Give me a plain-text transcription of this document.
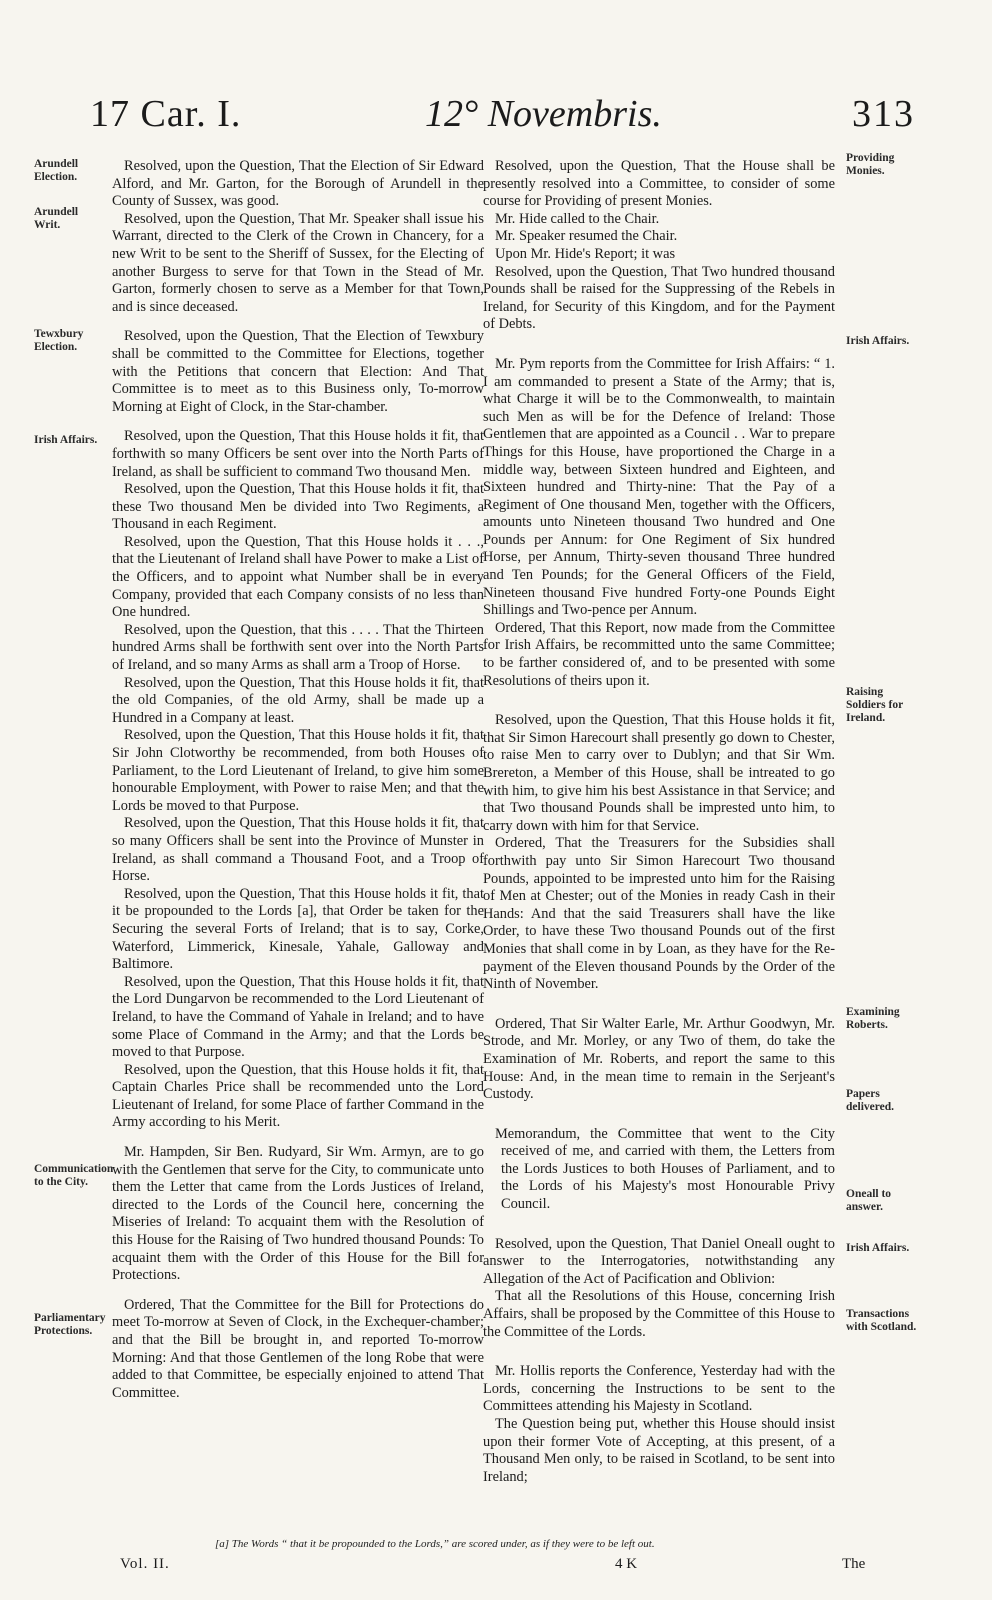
17 Car. I.	12° Novembris.	313
Arundell Election.
Arundell Writ.
Tewxbury Election.
Irish Affairs.
Communication to the City.
Parliamentary Protections.
Providing Monies.
Irish Affairs.
Raising Soldiers for Ireland.
Examining Roberts.
Papers delivered.
Oneall to answer.
Irish Affairs.
Transactions with Scotland.

Resolved, upon the Question, That the Election of Sir Edward Alford, and Mr. Garton, for the Borough of Arundell in the County of Sussex, was good.

Resolved, upon the Question, That Mr. Speaker shall issue his Warrant, directed to the Clerk of the Crown in Chancery, for a new Writ to be sent to the Sheriff of Sussex, for the Electing of another Burgess to serve for that Town in the Stead of Mr. Garton, formerly chosen to serve as a Member for that Town, and is since deceased.

Resolved, upon the Question, That the Election of Tewxbury shall be committed to the Committee for Elections, together with the Petitions that concern that Election: And That Committee is to meet as to this Business only, To-morrow Morning at Eight of Clock, in the Star-chamber.

Resolved, upon the Question, That this House holds it fit, that forthwith so many Officers be sent over into the North Parts of Ireland, as shall be sufficient to command Two thousand Men.

Resolved, upon the Question, That this House holds it fit, that these Two thousand Men be divided into Two Regiments, a Thousand in each Regiment.

Resolved, upon the Question, That this House holds it . . ., that the Lieutenant of Ireland shall have Power to make a List of the Officers, and to appoint what Number shall be in every Company, provided that each Company consists of no less than One hundred.

Resolved, upon the Question, that this . . . . That the Thirteen hundred Arms shall be forthwith sent over into the North Parts of Ireland, and so many Arms as shall arm a Troop of Horse.

Resolved, upon the Question, That this House holds it fit, that the old Companies, of the old Army, shall be made up a Hundred in a Company at least.

Resolved, upon the Question, That this House holds it fit, that Sir John Clotworthy be recommended, from both Houses of Parliament, to the Lord Lieutenant of Ireland, to give him some honourable Employment, with Power to raise Men; and that the Lords be moved to that Purpose.

Resolved, upon the Question, That this House holds it fit, that so many Officers shall be sent into the Province of Munster in Ireland, as shall command a Thousand Foot, and a Troop of Horse.

Resolved, upon the Question, That this House holds it fit, that it be propounded to the Lords [a], that Order be taken for the Securing the several Forts of Ireland; that is to say, Corke, Waterford, Limmerick, Kinesale, Yahale, Galloway and Baltimore.

Resolved, upon the Question, That this House holds it fit, that the Lord Dungarvon be recommended to the Lord Lieutenant of Ireland, to have the Command of Yahale in Ireland; and to have some Place of Command in the Army; and that the Lords be moved to that Purpose.

Resolved, upon the Question, that this House holds it fit, that Captain Charles Price shall be recommended unto the Lord Lieutenant of Ireland, for some Place of farther Command in the Army according to his Merit.

Mr. Hampden, Sir Ben. Rudyard, Sir Wm. Armyn, are to go with the Gentlemen that serve for the City, to communicate unto them the Letter that came from the Lords Justices of Ireland, directed to the Lords of the Council here, concerning the Miseries of Ireland: To acquaint them with the Resolution of this House for the Raising of Two hundred thousand Pounds: To acquaint them with the Order of this House for the Bill for Protections.

Ordered, That the Committee for the Bill for Protections do meet To-morrow at Seven of Clock, in the Exchequer-chamber; and that the Bill be brought in, and reported To-morrow Morning: And that those Gentlemen of the long Robe that were added to that Committee, be especially enjoined to attend That Committee.

Resolved, upon the Question, That the House shall be presently resolved into a Committee, to consider of some course for Providing of present Monies.

Mr. Hide called to the Chair.

Mr. Speaker resumed the Chair.

Upon Mr. Hide's Report; it was

Resolved, upon the Question, That Two hundred thousand Pounds shall be raised for the Suppressing of the Rebels in Ireland, for Security of this Kingdom, and for the Payment of Debts.

Mr. Pym reports from the Committee for Irish Affairs: “ 1. I am commanded to present a State of the Army; that is, what Charge it will be to the Commonwealth, to maintain such Men as will be for the Defence of Ireland: Those Gentlemen that are appointed as a Council . . War to prepare Things for this House, have proportioned the Charge in a middle way, between Sixteen hundred and Eighteen, and Sixteen hundred and Thirty-nine: That the Pay of a Regiment of One thousand Men, together with the Officers, amounts unto Nineteen thousand Two hundred and One Pounds per Annum: for One Regiment of Six hundred Horse, per Annum, Thirty-seven thousand Three hundred and Ten Pounds; for the General Officers of the Field, Nineteen thousand Five hundred Forty-one Pounds Eight Shillings and Two-pence per Annum.

Ordered, That this Report, now made from the Committee for Irish Affairs, be recommitted unto the same Committee; to be farther considered of, and to be presented with some Resolutions of theirs upon it.

Resolved, upon the Question, That this House holds it fit, that Sir Simon Harecourt shall presently go down to Chester, to raise Men to carry over to Dublyn; and that Sir Wm. Brereton, a Member of this House, shall be intreated to go with him, to give him his best Assistance in that Service; and that Two thousand Pounds shall be imprested unto him, to carry down with him for that Service.

Ordered, That the Treasurers for the Subsidies shall forthwith pay unto Sir Simon Harecourt Two thousand Pounds, appointed to be imprested unto him for the Raising of Men at Chester; out of the Monies in ready Cash in their Hands: And that the said Treasurers shall have the like Order, to have these Two thousand Pounds out of the first Monies that shall come in by Loan, as they have for the Re-payment of the Eleven thousand Pounds by the Order of the Ninth of November.

Ordered, That Sir Walter Earle, Mr. Arthur Goodwyn, Mr. Strode, and Mr. Morley, or any Two of them, do take the Examination of Mr. Roberts, and report the same to this House: And, in the mean time to remain in the Serjeant's Custody.

Memorandum, the Committee that went to the City received of me, and carried with them, the Letters from the Lords Justices to both Houses of Parliament, and to the Lords of his Majesty's most Honourable Privy Council.

Resolved, upon the Question, That Daniel Oneall ought to answer to the Interrogatories, notwithstanding any Allegation of the Act of Pacification and Oblivion:

That all the Resolutions of this House, concerning Irish Affairs, shall be proposed by the Committee of this House to the Committee of the Lords.

Mr. Hollis reports the Conference, Yesterday had with the Lords, concerning the Instructions to be sent to the Committees attending his Majesty in Scotland.

The Question being put, whether this House should insist upon their former Vote of Accepting, at this present, of a Thousand Men only, to be raised in Scotland, to be sent into Ireland;

[a] The Words “ that it be propounded to the Lords,” are scored under, as if they were to be left out.
Vol. II.	4 K	The
